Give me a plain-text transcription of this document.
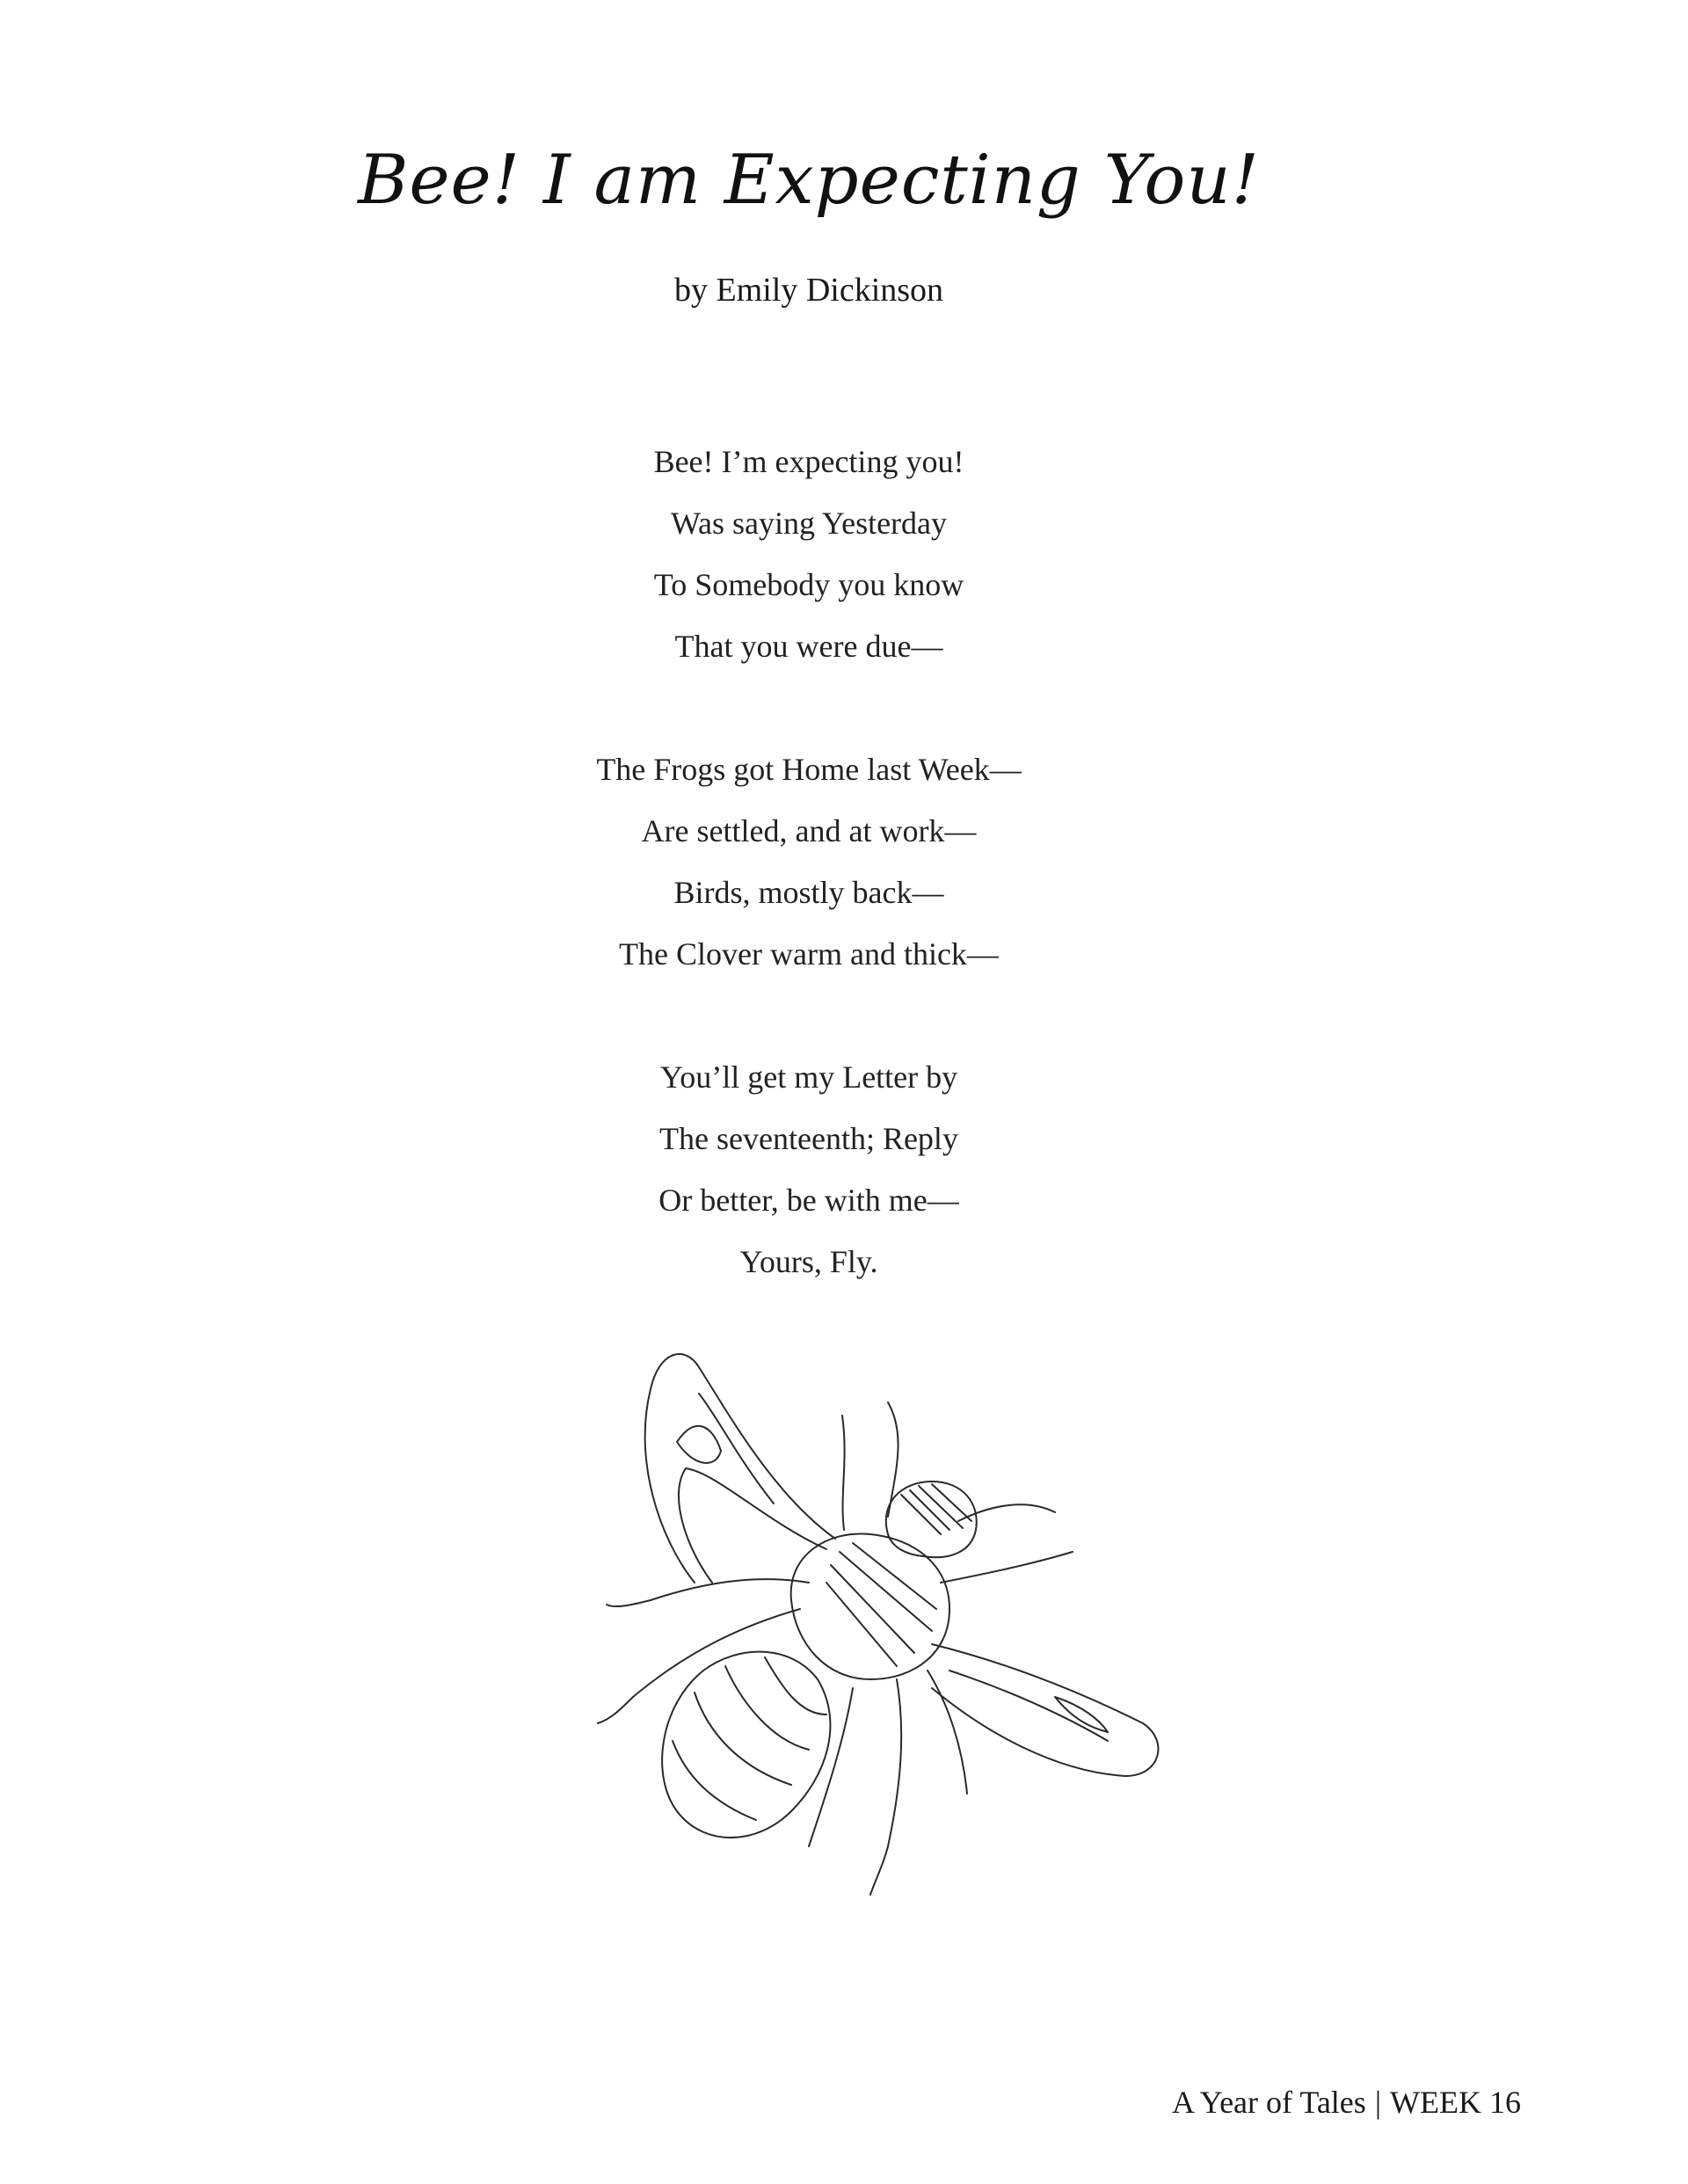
Bee! I am Expecting You!
by Emily Dickinson
Bee! I’m expecting you!
Was saying Yesterday
To Somebody you know
That you were due—
The Frogs got Home last Week—
Are settled, and at work—
Birds, mostly back—
The Clover warm and thick—
You’ll get my Letter by
The seventeenth; Reply
Or better, be with me—
Yours, Fly.
A Year of Tales | WEEK 16
